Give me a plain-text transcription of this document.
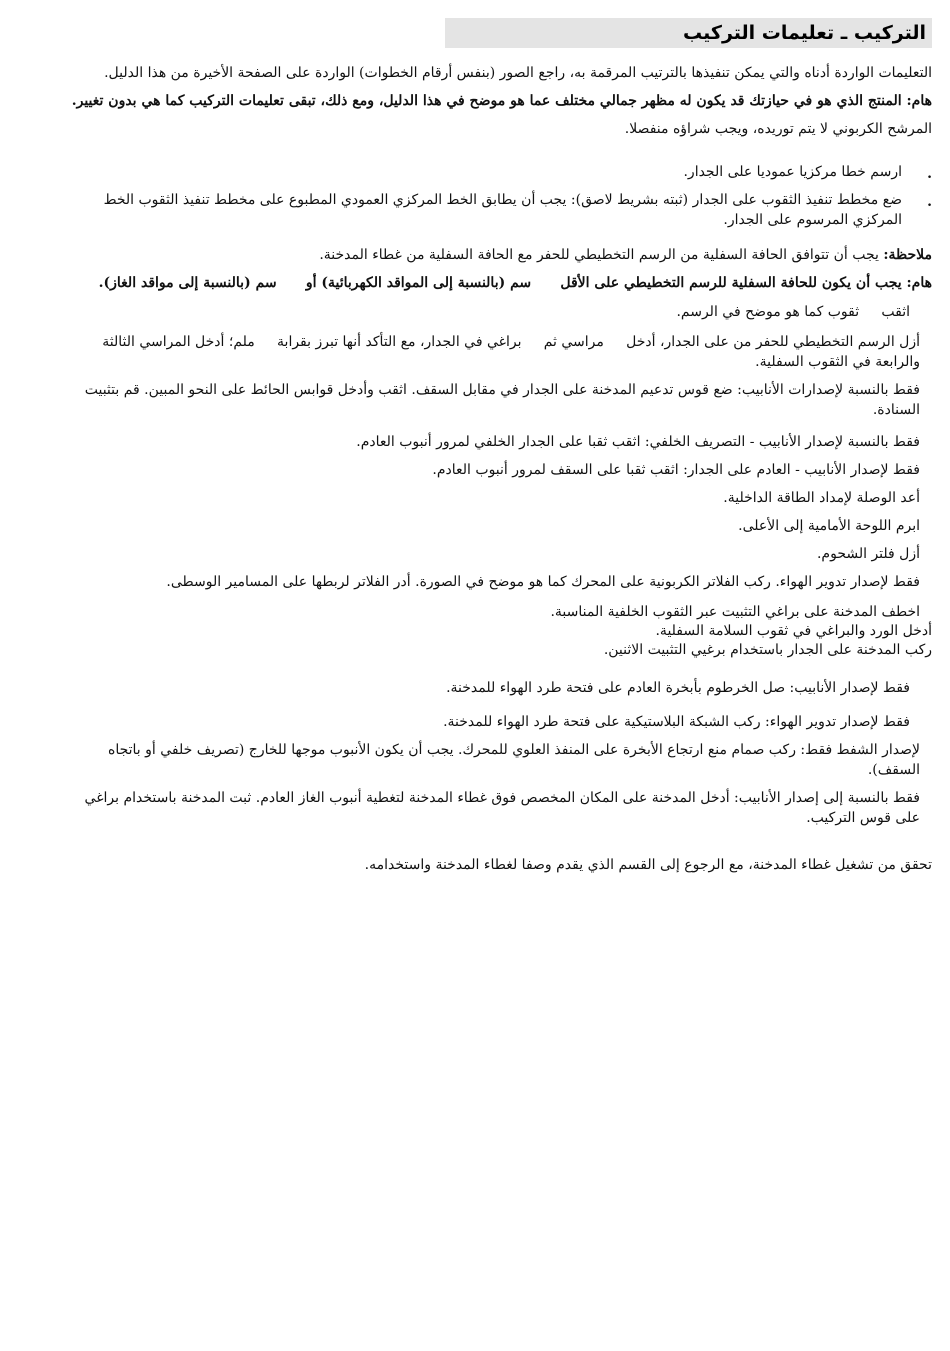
التركيب ـ تعليمات التركيب
التعليمات الواردة أدناه والتي يمكن تنفيذها بالترتيب المرقمة به، راجع الصور (بنفس أرقام الخطوات) الواردة على الصفحة الأخيرة من هذا الدليل.
هام: المنتج الذي هو في حيازتك قد يكون له مظهر جمالي مختلف عما هو موضح في هذا الدليل، ومع ذلك، تبقى تعليمات التركيب كما هي بدون تغيير.
المرشح الكربوني لا يتم توريده، ويجب شراؤه منفصلا.
.
ارسم خطا مركزيا عموديا على الجدار.
.
ضع مخطط تنفيذ الثقوب على الجدار (ثبته بشريط لاصق): يجب أن يطابق الخط المركزي العمودي المطبوع على مخطط تنفيذ الثقوب الخط المركزي المرسوم على الجدار.
ملاحظة: يجب أن تتوافق الحافة السفلية من الرسم التخطيطي للحفر مع الحافة السفلية من غطاء المدخنة.
هام: يجب أن يكون للحافة السفلية للرسم التخطيطي على الأقل      سم (بالنسبة إلى المواقد الكهربائية) أو      سم (بالنسبة إلى مواقد الغاز).
اثقب     ثقوب كما هو موضح في الرسم.
أزل الرسم التخطيطي للحفر من على الجدار، أدخل     مراسي ثم     براغي في الجدار، مع التأكد أنها تبرز بقرابة     ملم؛ أدخل المراسي الثالثة والرابعة في الثقوب السفلية.
فقط بالنسبة لإصدارات الأنابيب: ضع قوس تدعيم المدخنة على الجدار في مقابل السقف. اثقب وأدخل قوابس الحائط على النحو المبين. قم بتثبيت السنادة.
فقط بالنسبة لإصدار الأنابيب - التصريف الخلفي: اثقب ثقبا على الجدار الخلفي لمرور أنبوب العادم.
فقط لإصدار الأنابيب - العادم على الجدار: اثقب ثقبا على السقف لمرور أنبوب العادم.
أعد الوصلة لإمداد الطاقة الداخلية.
ابرم اللوحة الأمامية إلى الأعلى.
أزل فلتر الشحوم.
فقط لإصدار تدوير الهواء. ركب الفلاتر الكربونية على المحرك كما هو موضح في الصورة. أدر الفلاتر لربطها على المسامير الوسطى.
اخطف المدخنة على براغي التثبيت عبر الثقوب الخلفية المناسبة.
أدخل الورد والبراغي في ثقوب السلامة السفلية.
ركب المدخنة على الجدار باستخدام برغيي التثبيت الاثنين.
فقط لإصدار الأنابيب: صل الخرطوم بأبخرة العادم على فتحة طرد الهواء للمدخنة.
فقط لإصدار تدوير الهواء: ركب الشبكة البلاستيكية على فتحة طرد الهواء للمدخنة.
لإصدار الشفط فقط: ركب صمام منع ارتجاع الأبخرة على المنفذ العلوي للمحرك. يجب أن يكون الأنبوب موجها للخارج (تصريف خلفي أو باتجاه السقف).
فقط بالنسبة إلى إصدار الأنابيب: أدخل المدخنة على المكان المخصص فوق غطاء المدخنة لتغطية أنبوب الغاز العادم. ثبت المدخنة باستخدام براغي على قوس التركيب.
تحقق من تشغيل غطاء المدخنة، مع الرجوع إلى القسم الذي يقدم وصفا لغطاء المدخنة واستخدامه.
